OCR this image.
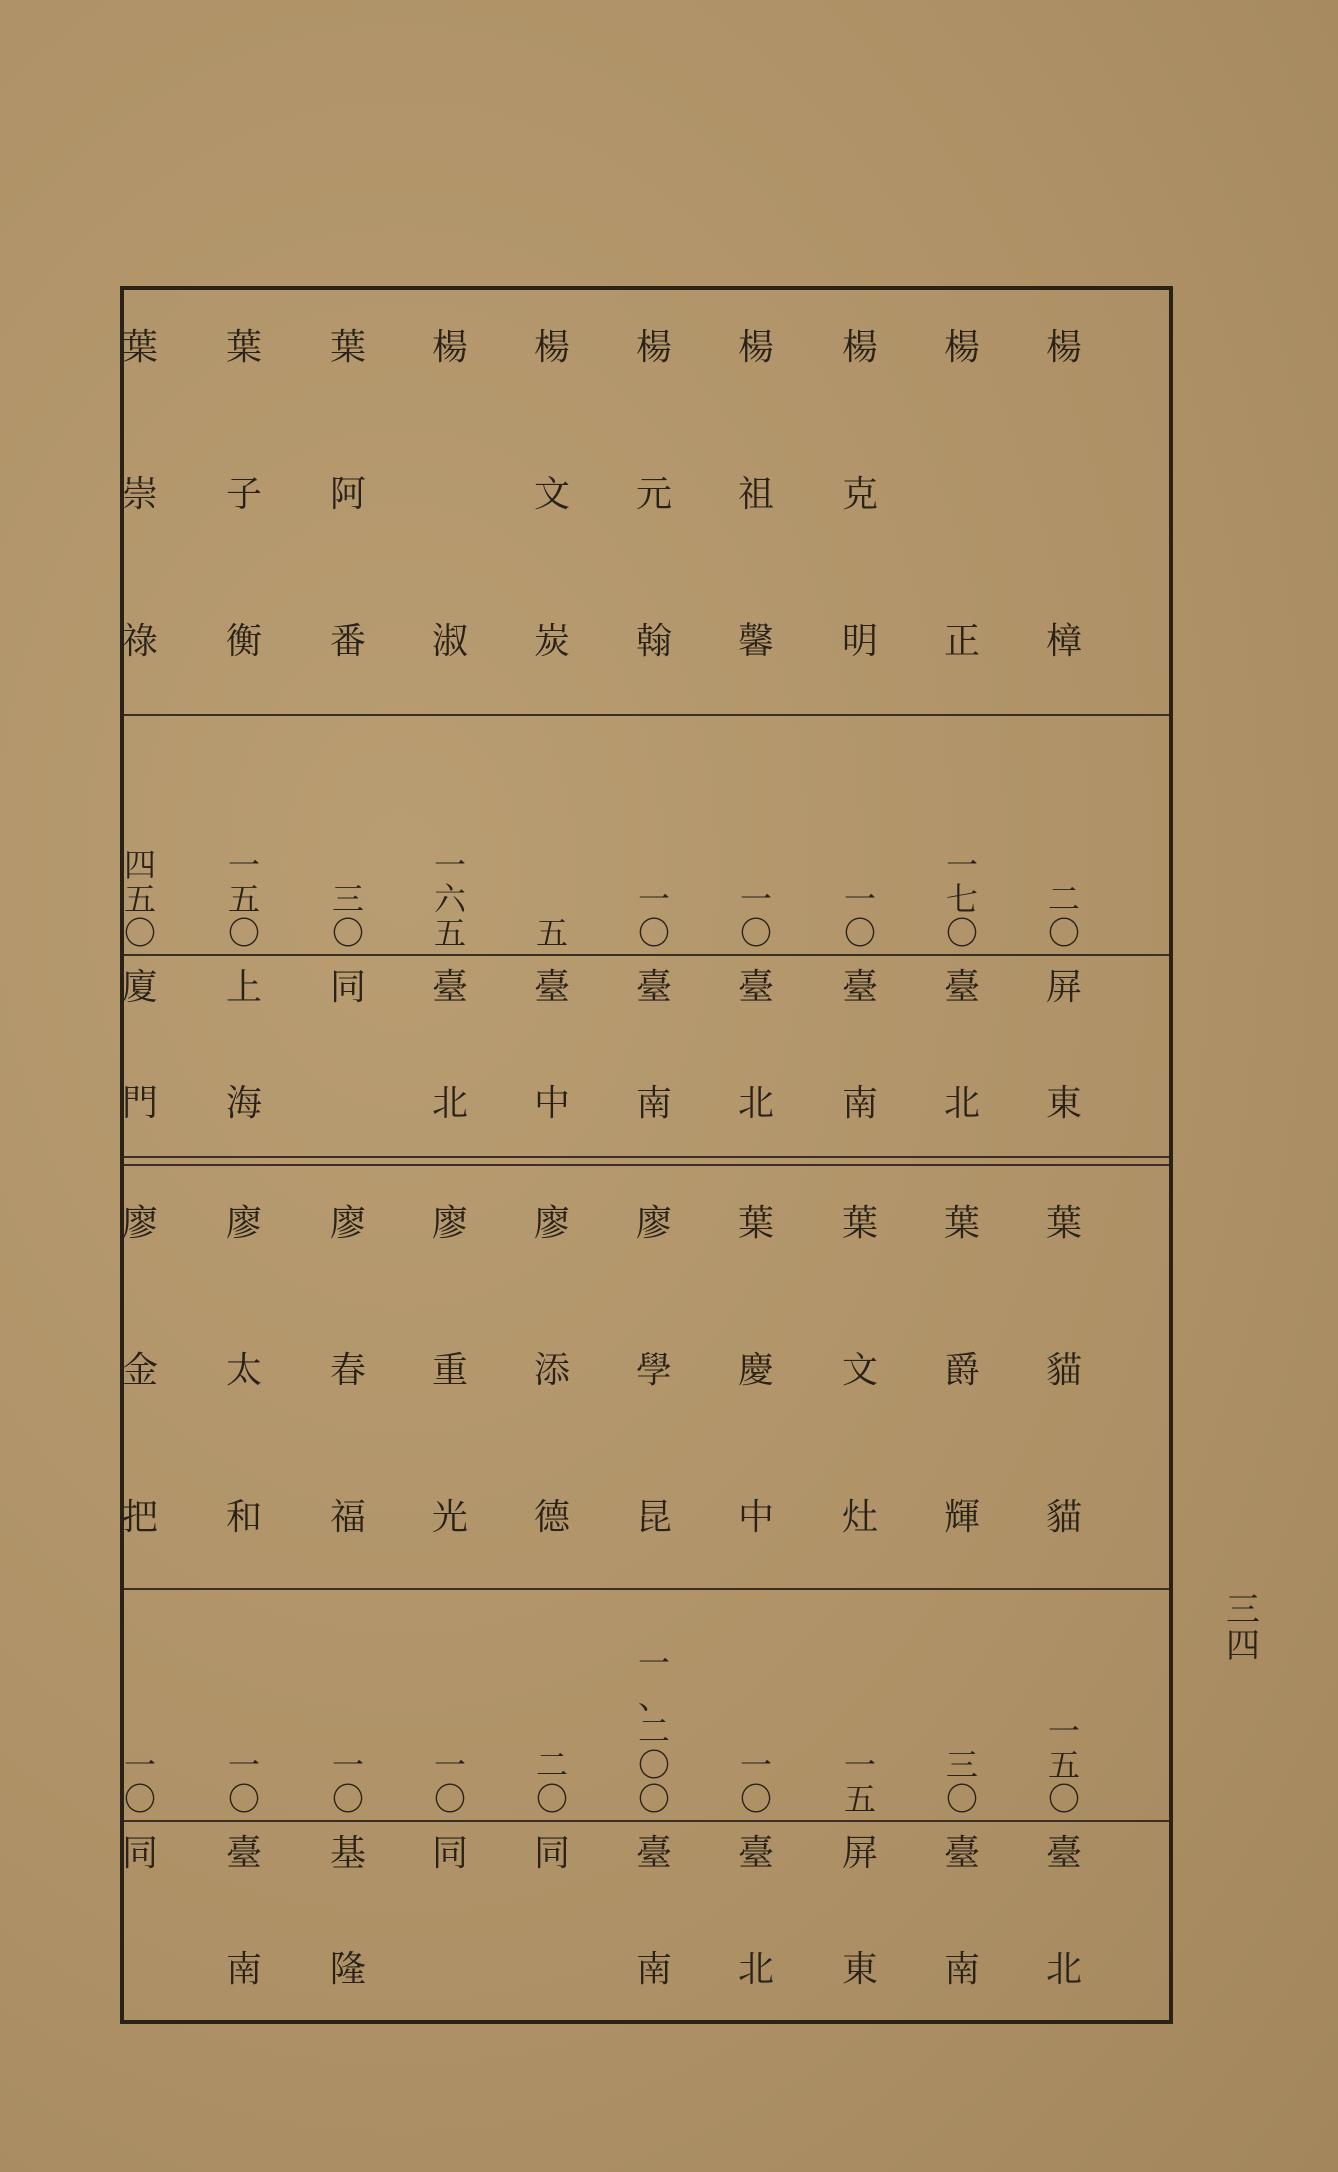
楊

樟
二
〇
屏
東
楊

正
一
七
〇
臺
北
楊
克
明
一
〇
臺
南
楊
祖
馨
一
〇
臺
北
楊
元
翰
一
〇
臺
南
楊
文
炭
五
臺
中
楊

淑
一
六
五
臺
北
葉
阿
番
三
〇
同
葉
子
衡
一
五
〇
上
海
葉
崇
祿
四
五
〇
廈
門
葉
貓
貓
一
五
〇
臺
北
葉
爵
輝
三
〇
臺
南
葉
文
灶
一
五
屏
東
葉
慶
中
一
〇
臺
北
廖
學
昆
一
、
二
〇
〇
臺
南
廖
添
德
二
〇
同
廖
重
光
一
〇
同
廖
春
福
一
〇
基
隆
廖
太
和
一
〇
臺
南
廖
金
把
一
〇
同
三
四
